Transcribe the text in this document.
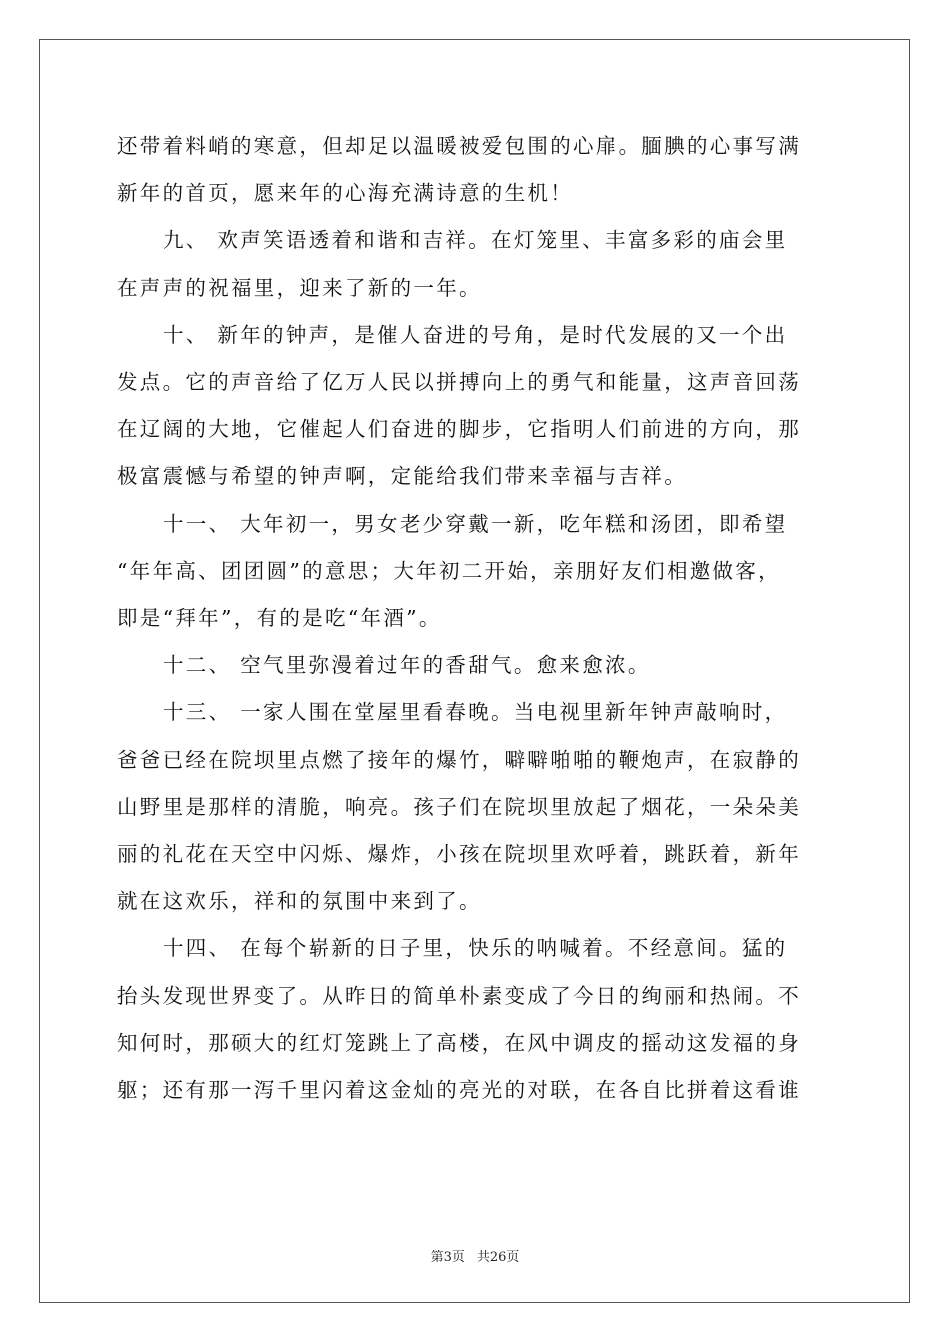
还带着料峭的寒意，但却足以温暖被爱包围的心扉。腼腆的心事写满
新年的首页，愿来年的心海充满诗意的生机！

九、 欢声笑语透着和谐和吉祥。在灯笼里、丰富多彩的庙会里
在声声的祝福里，迎来了新的一年。

十、 新年的钟声，是催人奋进的号角，是时代发展的又一个出
发点。它的声音给了亿万人民以拼搏向上的勇气和能量，这声音回荡
在辽阔的大地，它催起人们奋进的脚步，它指明人们前进的方向，那
极富震憾与希望的钟声啊，定能给我们带来幸福与吉祥。

十一、 大年初一，男女老少穿戴一新，吃年糕和汤团，即希望
“年年高、团团圆”的意思；大年初二开始，亲朋好友们相邀做客，
即是“拜年”，有的是吃“年酒”。

十二、 空气里弥漫着过年的香甜气。愈来愈浓。

十三、 一家人围在堂屋里看春晚。当电视里新年钟声敲响时，
爸爸已经在院坝里点燃了接年的爆竹，噼噼啪啪的鞭炮声，在寂静的
山野里是那样的清脆，响亮。孩子们在院坝里放起了烟花，一朵朵美
丽的礼花在天空中闪烁、爆炸，小孩在院坝里欢呼着，跳跃着，新年
就在这欢乐，祥和的氛围中来到了。

十四、 在每个崭新的日子里，快乐的呐喊着。不经意间。猛的
抬头发现世界变了。从昨日的简单朴素变成了今日的绚丽和热闹。不
知何时，那硕大的红灯笼跳上了高楼，在风中调皮的摇动这发福的身
躯；还有那一泻千里闪着这金灿的亮光的对联，在各自比拼着这看谁

第3页 共26页
